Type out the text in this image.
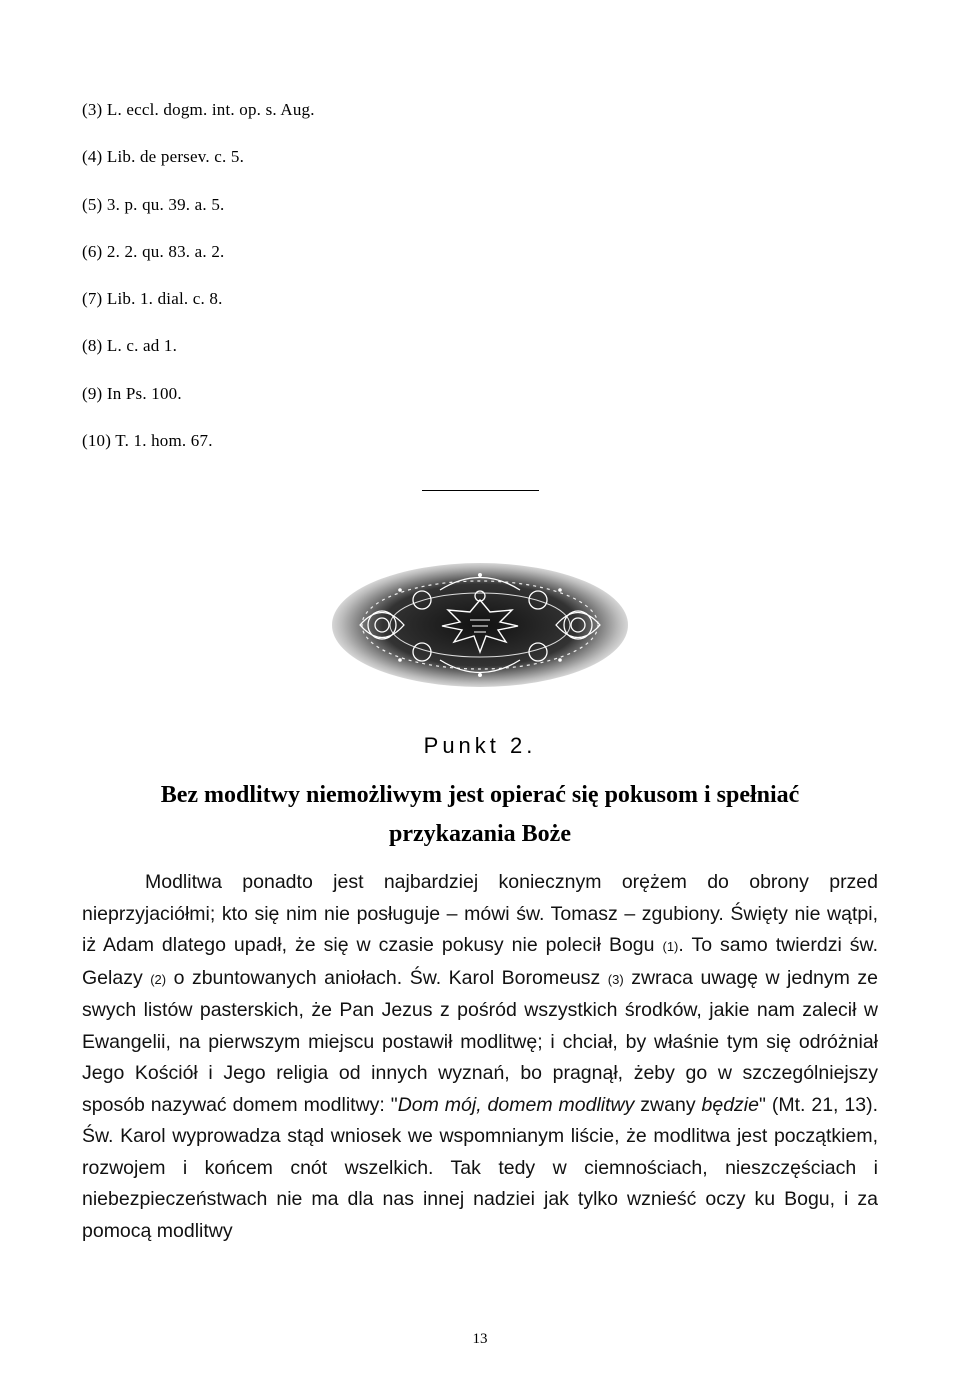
(3) L. eccl. dogm. int. op. s. Aug.
(4) Lib. de persev. c. 5.
(5) 3. p. qu. 39. a. 5.
(6) 2. 2. qu. 83. a. 2.
(7) Lib. 1. dial. c. 8.
(8) L. c. ad 1.
(9) In Ps. 100.
(10) T. 1. hom. 67.
Punkt 2.
Bez modlitwy niemożliwym jest opierać się pokusom i spełniać przykazania Boże

Modlitwa ponadto jest najbardziej koniecznym orężem do obrony przed nieprzyjaciółmi; kto się nim nie posługuje – mówi św. Tomasz – zgubiony. Święty nie wątpi, iż Adam dlatego upadł, że się w czasie pokusy nie polecił Bogu (1). To samo twierdzi św. Gelazy (2) o zbuntowanych aniołach. Św. Karol Boromeusz (3) zwraca uwagę w jednym ze swych listów pasterskich, że Pan Jezus z pośród wszystkich środków, jakie nam zalecił w Ewangelii, na pierwszym miejscu postawił modlitwę; i chciał, by właśnie tym się odróżniał Jego Kościół i Jego religia od innych wyznań, bo pragnął, żeby go w szczególniejszy sposób nazywać domem modlitwy: "Dom mój, domem modlitwy zwany będzie" (Mt. 21, 13). Św. Karol wyprowadza stąd wniosek we wspomnianym liście, że modlitwa jest początkiem, rozwojem i końcem cnót wszelkich. Tak tedy w ciemnościach, nieszczęściach i niebezpieczeństwach nie ma dla nas innej nadziei jak tylko wznieść oczy ku Bogu, i za pomocą modlitwy

13
